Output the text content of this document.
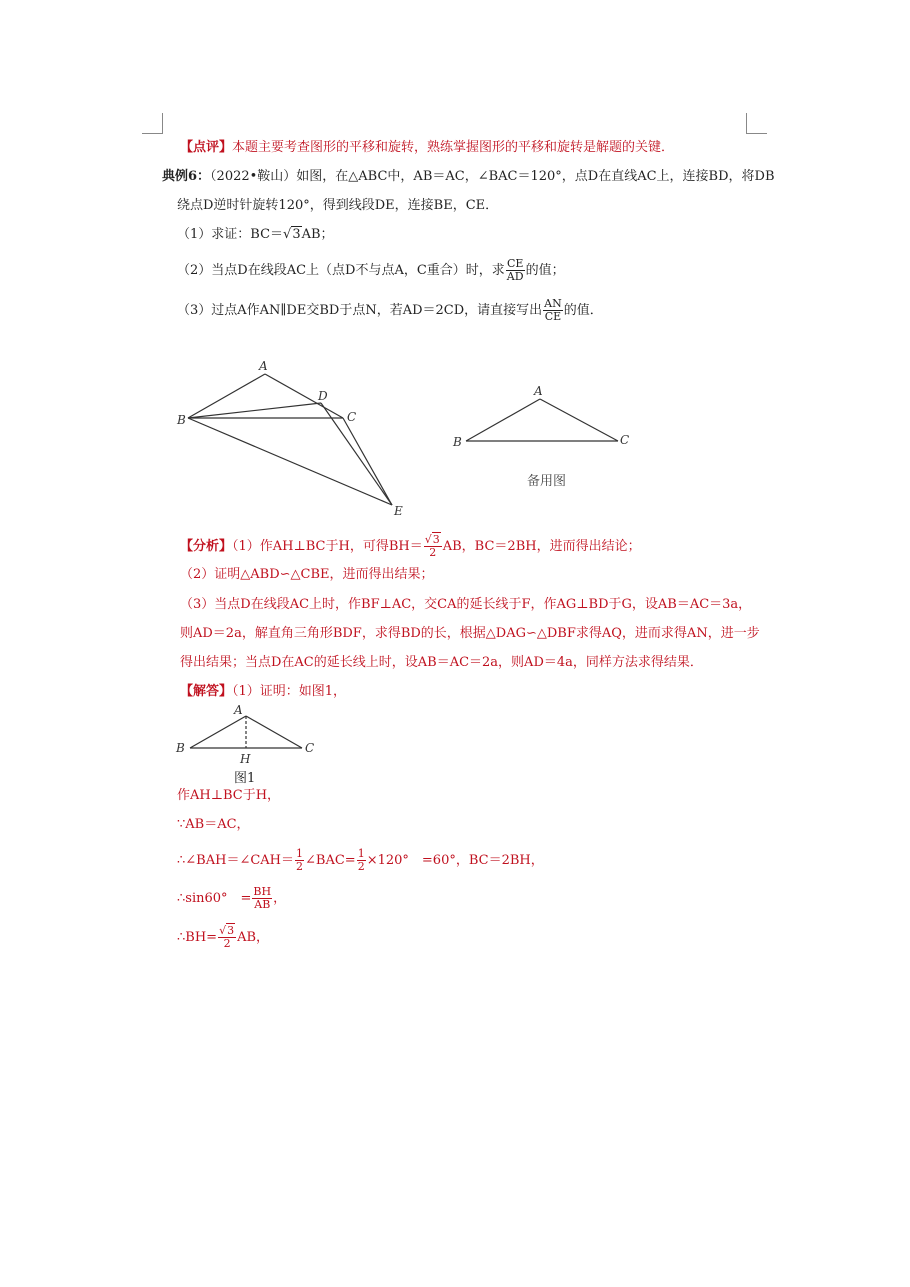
【点评】本题主要考查图形的平移和旋转，熟练掌握图形的平移和旋转是解题的关键．
典例6：（2022•鞍山）如图，在△ABC中，AB＝AC，∠BAC＝120°，点D在直线AC上，连接BD，将DB
绕点D逆时针旋转120°，得到线段DE，连接BE，CE．
（1）求证：BC＝√3AB；
（2）当点D在线段AC上（点D不与点A，C重合）时，求 $\frac{CE}{AD}$ 的值；
（3）过点A作AN∥DE交BD于点N，若AD＝2CD，请直接写出 $\frac{AN}{CE}$ 的值．
A
B
D
C
E
A
B	C
备用图
【分析】（1）作AH⊥BC于H，可得$BH= \frac{√3}{2}$ AB，BC＝2BH，进而得出结论；
（2）证明△ABD∽△CBE，进而得出结果；
（3）当点D在线段AC上时，作BF⊥AC，交CA的延长线于F，作AG⊥BD于G，设AB＝AC＝3a，
则AD＝2a，解直角三角形BDF，求得BD的长，根据△DAG∽△DBF求得AQ，进而求得AN，进一步
得出结果；当点D在AC的延长线上时，设AB＝AC＝2a，则AD＝4a，同样方法求得结果．
【解答】（1）证明：如图1，
A
B	C
H
图1
作AH⊥BC于H，
∵AB＝AC，
∴∠BAH＝∠CAH＝ $\frac{1}{2}$ ∠BAC= $\frac{1}{2} \times 120^\circ$　=60°，BC＝2BH，
∴sin60°　= $\frac{BH}{AB}$ ，
∴BH= $\frac{√3}{2}$ AB，
